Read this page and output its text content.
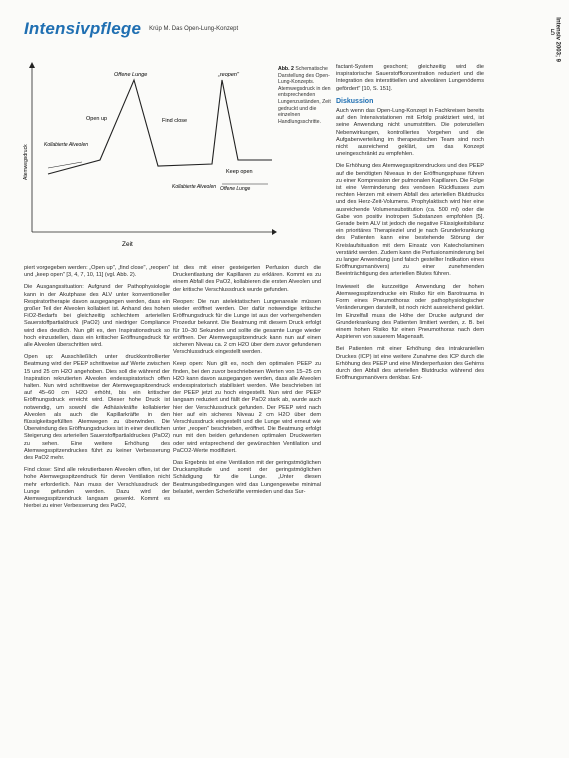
Intensivpflege Krüp M. Das Open-Lung-Konzept	5 Intensiv 2003; 9
Offene Lunge	„reopen"
Open up	Find close
Kollabierte Alveolen
Keep open
Kollabierte Alveolen Offene Lunge
Zeit
Atemwegsdruck
Abb. 2 Schematische Darstellung des Open-Lung-Konzepts. Atemwegsdruck in den entsprechenden Lungenzuständen, Zeit gedruckt und die einzelnen Handlungsschritte.

piert vorgegeben werden: „Open up", „find close", „reopen" und „keep open" [3, 4, 7, 10, 11] (vgl. Abb. 2).

Die Ausgangssituation: Aufgrund der Pathophysiologie kann in der Akutphase des ALV unter konventioneller Respiratortherapie davon ausgegangen werden, dass ein großer Teil der Alveolen kollabiert ist. Anhand des hohen FiO2-Bedarfs bei gleichzeitig schlechtem arteriellen Sauerstoffpartialdruck (PaO2) und niedriger Compliance wird dies deutlich. Nun gilt es, den Inspirationsdruck so hoch einzustellen, dass ein kritischer Eröffnungsdruck für alle Alveolen überschritten wird.

Open up: Ausschließlich unter druckkontrollierter Beatmung wird der PEEP schrittweise auf Werte zwischen 15 und 25 cm H2O angehoben. Dies soll die während der Inspiration rekrutierten Alveolen endexspiratorisch offen halten. Nun wird schrittweise der Atemwegsspitzendruck auf 45–60 cm H2O erhöht, bis ein kritischer Eröffnungsdruck erreicht wird. Dieser hohe Druck ist notwendig, um sowohl die Adhäsivkräfte kollabierter Alveolen als auch die Kapillarkräfte in den flüssigkeitsgefüllten Atemwegen zu überwinden. Die Überwindung des Eröffnungsdruckes ist in einer deutlichen Steigerung des arteriellen Sauerstoffpartialdruckes (PaO2) zu sehen. Eine weitere Erhöhung des Atemwegsspitzendruckes führt zu keiner Verbesserung des PaO2 mehr.

Find close: Sind alle rekrutierbaren Alveolen offen, ist der hohe Atemwegsspitzendruck für deren Ventilation nicht mehr erforderlich. Nun muss der Verschlussdruck der Lunge gefunden werden. Dazu wird der Atemwegsspitzendruck langsam gesenkt. Kommt es hierbei zu einer Verbesserung des PaO2,

ist dies mit einer gesteigerten Perfusion durch die Druckentlastung der Kapillaren zu erklären. Kommt es zu einem Abfall des PaO2, kollabieren die ersten Alveolen und der kritische Verschlussdruck wurde gefunden.

Reopen: Die nun atelektatischen Lungenareale müssen wieder eröffnet werden. Der dafür notwendige kritische Eröffnungsdruck für die Lunge ist aus der vorhergehenden Prozedur bekannt. Die Beatmung mit diesem Druck erfolgt für 10–30 Sekunden und sollte die gesamte Lunge wieder eröffnen. Der Atemwegsspitzendruck kann nun auf einen sicheren Niveau ca. 2 cm H2O über dem zuvor gefundenen Verschlussdruck eingestellt werden.

Keep open: Nun gilt es, noch den optimalen PEEP zu finden, bei den zuvor beschriebenen Werten von 15–25 cm H2O kann davon ausgegangen werden, dass alle Alveolen endexspiratorisch stabilisiert werden. Wie beschrieben ist der PEEP jetzt zu hoch eingestellt. Nun wird der PEEP langsam reduziert und fällt der PaO2 stark ab, wurde auch hier der Verschlussdruck gefunden. Der PEEP wird nach hier auf ein sicheres Niveau 2 cm H2O über dem Verschlussdruck eingestellt und die Lunge wird erneut wie unter „reopen" beschrieben, eröffnet. Die Beatmung erfolgt nun mit den beiden gefundenen optimalen Druckwerten oder wird entsprechend der gewünschten Ventilation und PaCO2-Werte modifiziert.

Das Ergebnis ist eine Ventilation mit der geringstmöglichen Druckamplitude und somit der geringstmöglichen Schädigung für die Lunge. „Unter diesen Beatmungsbedingungen wird das Lungengewebe minimal belastet, werden Scherkräfte vermieden und das Sur-

factant-System geschont; gleichzeitig wird die inspiratorische Sauerstoffkonzentration reduziert und die Integration des interstitiellen und alveolären Lungenödems gefördert" [10, S. 151].

Diskussion

Auch wenn das Open-Lung-Konzept in Fachkreisen bereits auf den Intensivstationen mit Erfolg praktiziert wird, ist seine Anwendung nicht unumstritten. Die potenziellen Nebenwirkungen, kontrolliertes Vorgehen und die Aufgabenverteilung im therapeutischen Team sind noch nicht ausreichend geklärt, um das Konzept uneingeschränkt zu empfehlen.

Die Erhöhung des Atemwegsspitzendruckes und des PEEP auf die benötigten Niveaus in der Eröffnungsphase führen zu einer Kompression der pulmonalen Kapillaren. Die Folge ist eine Verminderung des venösen Rückflusses zum rechten Herzen mit einem Abfall des arteriellen Blutdrucks und des Herz-Zeit-Volumens. Prophylaktisch wird hier eine ausreichende Volumensubstitution (ca. 500 ml) oder die Gabe von positiv inotropen Substanzen empfohlen [5]. Gerade beim ALV ist jedoch die negative Flüssigkeitsbilanz ein prioritäres Therapieziel und je nach Grunderkrankung des Patienten kann eine bestehende Störung der Kreislaufsituation mit dem Einsatz von Katecholaminen verstärkt werden. Zudem kann die Perfusionsminderung bei zu langer Anwendung (und falsch gestellter Indikation eines Eröffnungsmanövers) zu einer zunehmenden Beeinträchtigung des arteriellen Blutes führen.

Inwieweit die kurzzeitige Anwendung der hohen Atemwegsspitzendrucke ein Risiko für ein Barotrauma in Form eines Pneumothorax oder pathophysiologischer Veränderungen darstellt, ist noch nicht ausreichend geklärt. Im Einzelfall muss die Höhe der Drucke aufgrund der Grunderkrankung des Patienten limitiert werden, z. B. bei einem hohen Risiko für einen Pneumothorax nach dem Aspirieren von sauerem Magensaft.

Bei Patienten mit einer Erhöhung des intrakraniellen Druckes (ICP) ist eine weitere Zunahme des ICP durch die Erhöhung des PEEP und eine Minderperfusion des Gehirns durch den Abfall des arteriellen Blutdrucks während des Eröffnungsmanövers denkbar. Ent-
